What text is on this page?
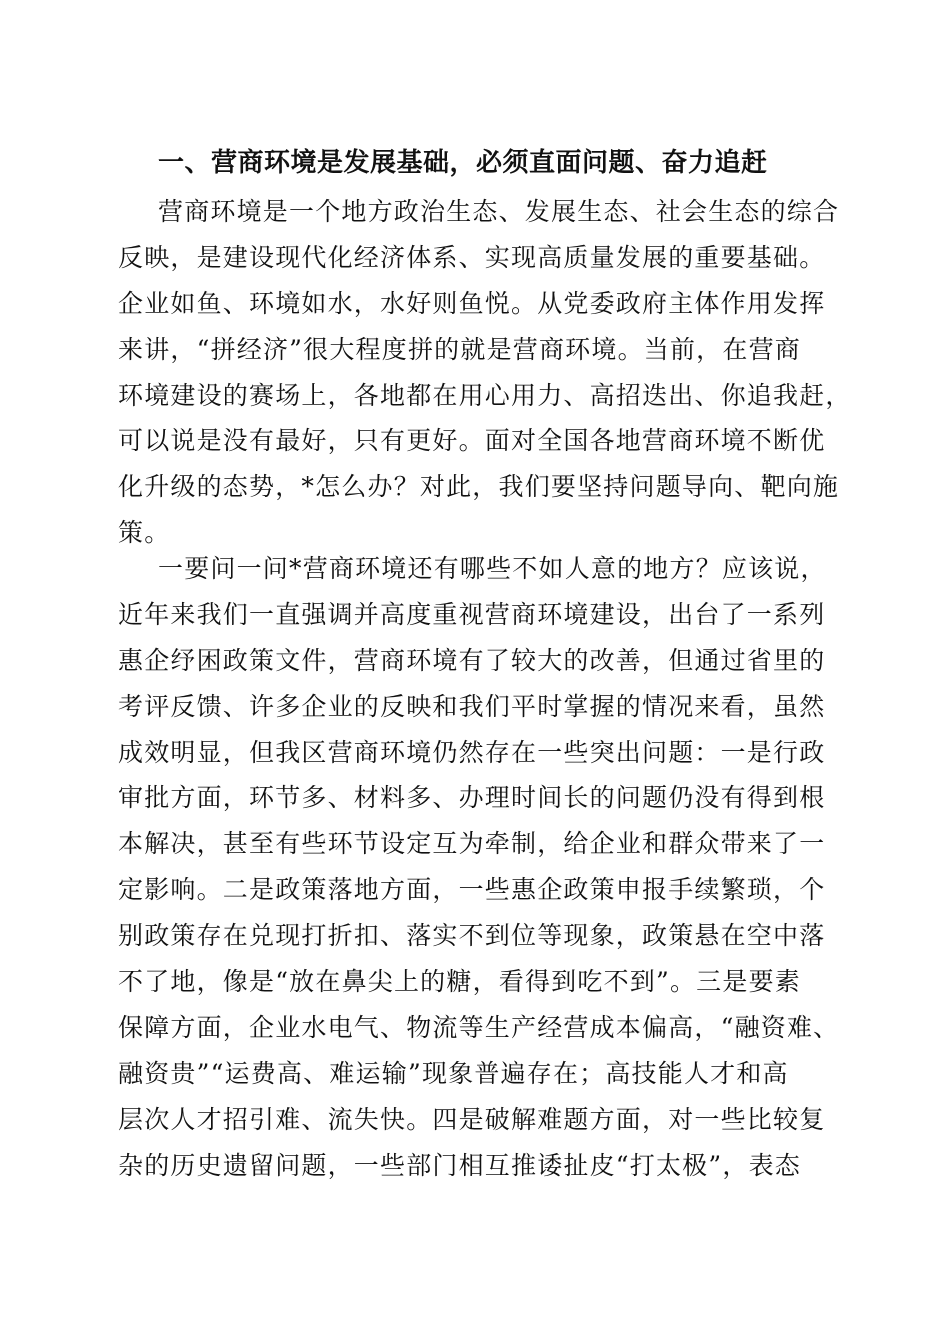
一、营商环境是发展基础，必须直面问题、奋力追赶
营商环境是一个地方政治生态、发展生态、社会生态的综合
反映，是建设现代化经济体系、实现高质量发展的重要基础。
企业如鱼、环境如水，水好则鱼悦。从党委政府主体作用发挥
来讲，“拼经济”很大程度拼的就是营商环境。当前，在营商
环境建设的赛场上，各地都在用心用力、高招迭出、你追我赶，
可以说是没有最好，只有更好。面对全国各地营商环境不断优
化升级的态势，*怎么办？对此，我们要坚持问题导向、靶向施
策。
一要问一问*营商环境还有哪些不如人意的地方？应该说，
近年来我们一直强调并高度重视营商环境建设，出台了一系列
惠企纾困政策文件，营商环境有了较大的改善，但通过省里的
考评反馈、许多企业的反映和我们平时掌握的情况来看，虽然
成效明显，但我区营商环境仍然存在一些突出问题：一是行政
审批方面，环节多、材料多、办理时间长的问题仍没有得到根
本解决，甚至有些环节设定互为牵制，给企业和群众带来了一
定影响。二是政策落地方面，一些惠企政策申报手续繁琐，个
别政策存在兑现打折扣、落实不到位等现象，政策悬在空中落
不了地，像是“放在鼻尖上的糖，看得到吃不到”。三是要素
保障方面，企业水电气、物流等生产经营成本偏高，“融资难、
融资贵”“运费高、难运输”现象普遍存在；高技能人才和高
层次人才招引难、流失快。四是破解难题方面，对一些比较复
杂的历史遗留问题，一些部门相互推诿扯皮“打太极”，表态
